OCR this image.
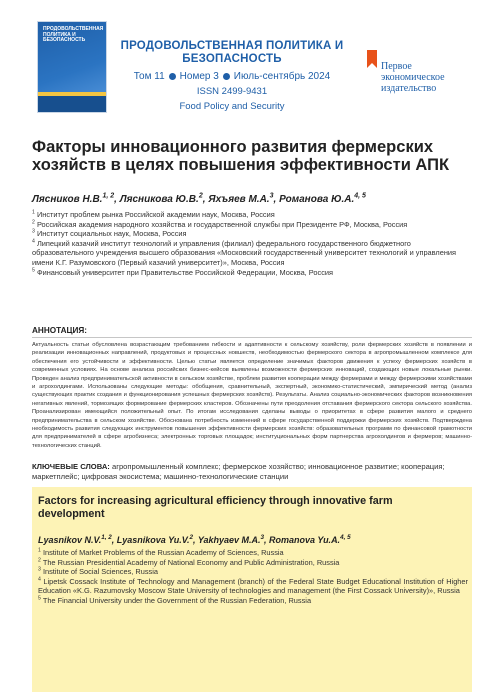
ПРОДОВОЛЬСТВЕННАЯ ПОЛИТИКА И БЕЗОПАСНОСТЬ	ПРОДОВОЛЬСТВЕННАЯ ПОЛИТИКА И БЕЗОПАСНОСТЬ
Том 11 Номер 3 Июль-сентябрь 2024
ISSN 2499-9431
Food Policy and Security
Первое
экономическое
издательство
Факторы инновационного развития фермерских хозяйств в целях повышения эффективности АПК
Лясников Н.В.$^{1, 2}$, Лясникова Ю.В.$^2$, Яхъяев М.А.$^3$, Романова Ю.А.$^{4, 5}$
$^1$ Институт проблем рынка Российской академии наук, Москва, Россия
$^2$ Российская академия народного хозяйства и государственной службы при Президенте РФ, Москва, Россия
$^3$ Институт социальных наук, Москва, Россия
$^4$ Липецкий казачий институт технологий и управления (филиал) федерального государственного бюджетного образовательного учреждения высшего образования «Московский государственный университет технологий и управления имени К.Г. Разумовского (Первый казачий университет)», Москва, Россия
$^5$ Финансовый университет при Правительстве Российской Федерации, Москва, Россия
АННОТАЦИЯ:
Актуальность статьи обусловлена возрастающим требованием гибкости и адаптивности к сельскому хозяйству, роли фермерских хозяйств в появлении и реализации инновационных направлений, продуктовых и процессных новшеств, необходимостью фермерского сектора в агропромышленном комплексе для обеспечения его устойчивости и эффективности. Целью статьи является определение значимых факторов движения к успеху фермерских хозяйств в современных условиях. На основе анализа российских бизнес-кейсов выявлены возможности фермерских инноваций, создающих новые локальные рынки. Проведен анализ предпринимательской активности в сельском хозяйстве, проблем развития кооперации между фермерами и между фермерскими хозяйствами и агрохолдингами. Использованы следующие методы: обобщения, сравнительный, экспертный, экономико-статистический, эмпирический метод (анализ существующих практик создания и функционирования успешных фермерских хозяйств). Результаты. Анализ социально-экономических факторов возникновения негативных явлений, тормозящих формирование фермерских кластеров. Обозначены пути преодоления отставания фермерского сектора сельского хозяйства. Проанализирован имеющийся положительный опыт. По итогам исследования сделаны выводы о приоритетах в сфере развития малого и среднего предпринимательства в сельском хозяйстве. Обоснована потребность изменений в сфере государственной поддержки фермерских хозяйств. Подтверждена необходимость развития следующих инструментов повышения эффективности фермерских хозяйств: образовательных программ по финансовой грамотности для предпринимателей в сфере агробизнеса; электронных торговых площадок; институциональных форм партнерства агрохолдингов и фермеров; машинно-технологических станций.
КЛЮЧЕВЫЕ СЛОВА: агропромышленный комплекс; фермерское хозяйство; инновационное развитие; кооперация; маркетплейс; цифровая экосистема; машинно-технологические станции
Factors for increasing agricultural efficiency through innovative farm development
Lyasnikov N.V.$^{1, 2}$, Lyasnikova Yu.V.$^2$, Yakhyaev M.A.$^3$, Romanova Yu.A.$^{4, 5}$
$^1$ Institute of Market Problems of the Russian Academy of Sciences, Russia
$^2$ The Russian Presidential Academy of National Economy and Public Administration, Russia
$^3$ Institute of Social Sciences, Russia
$^4$ Lipetsk Cossack Institute of Technology and Management (branch) of the Federal State Budget Educational Institution of Higher Education «K.G. Razumovsky Moscow State University of technologies and management (the First Cossack University)», Russia
$^5$ The Financial University under the Government of the Russian Federation, Russia
